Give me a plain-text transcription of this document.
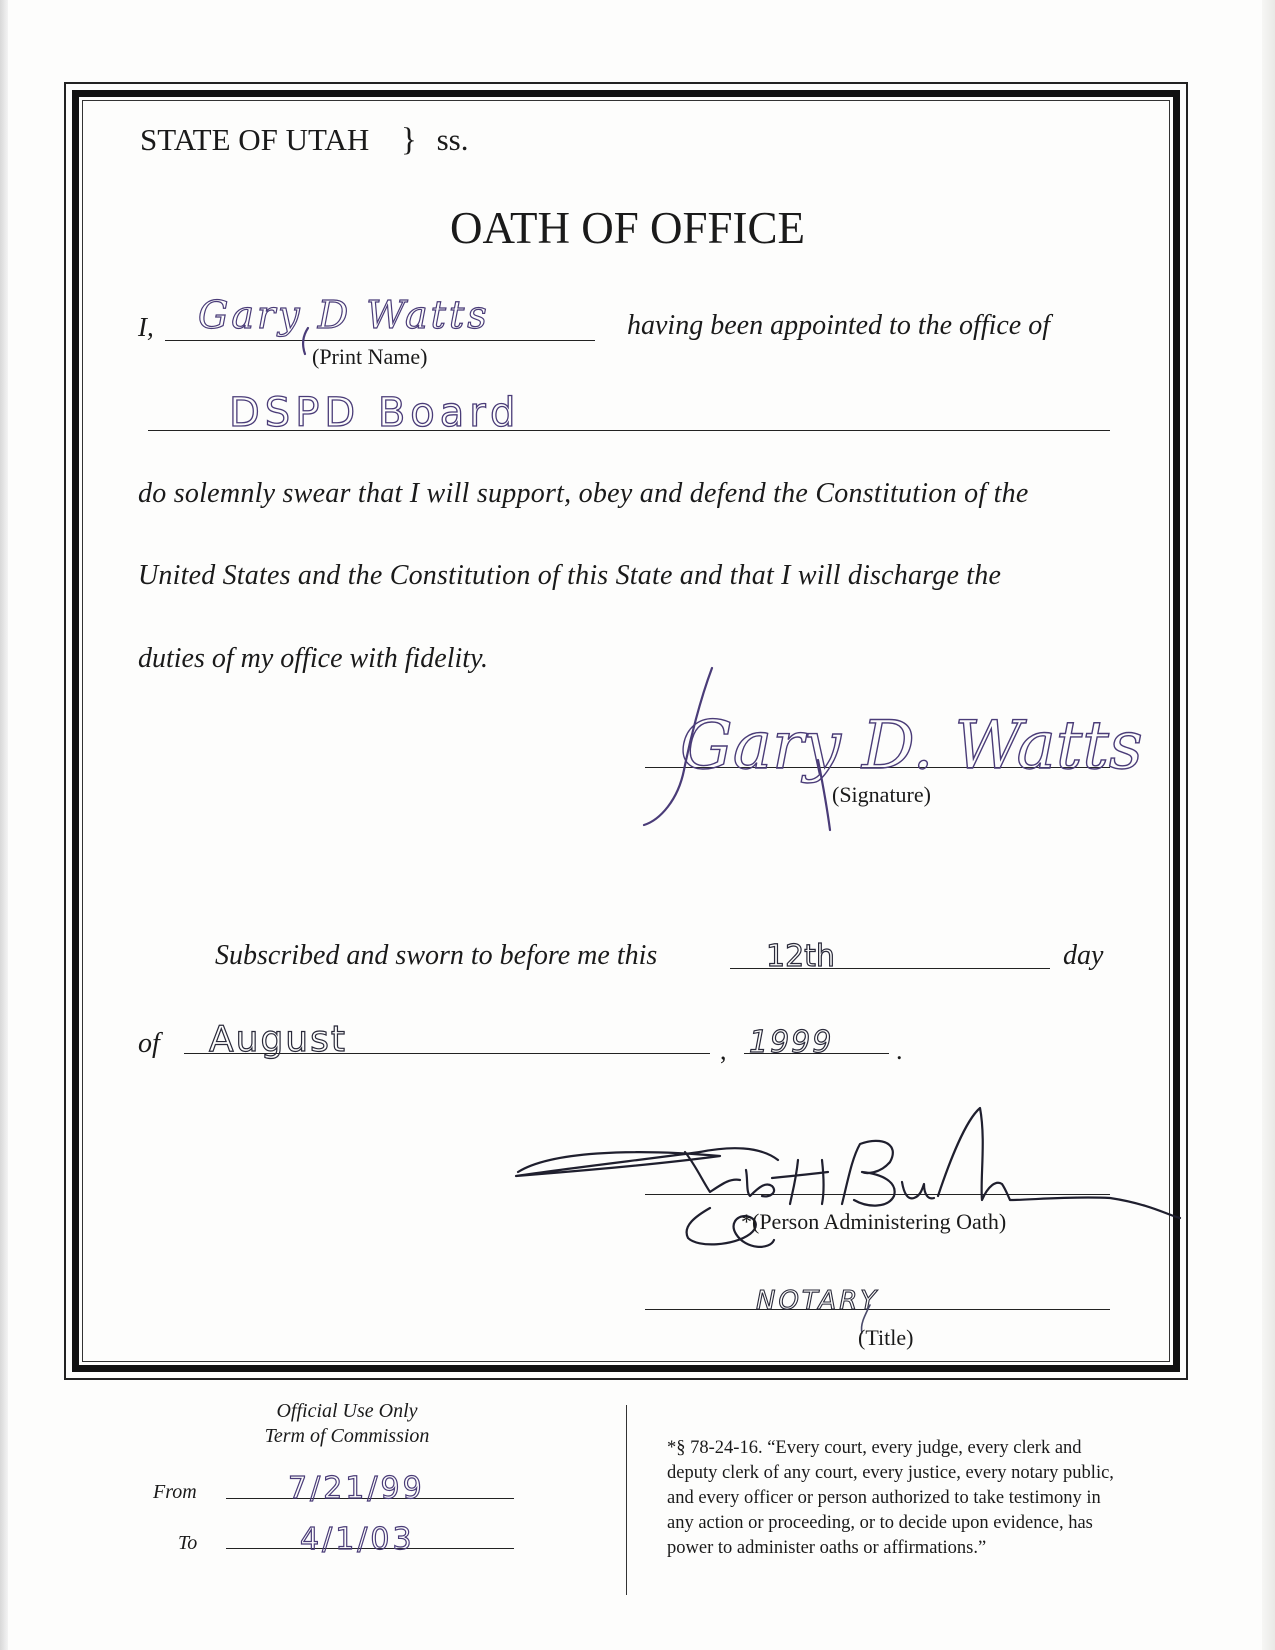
STATE OF UTAH } ss.
OATH OF OFFICE
I, Gary D Watts
(Print Name)
having been appointed to the office of
DSPD Board
do solemnly swear that I will support, obey and defend the Constitution of the
United States and the Constitution of this State and that I will discharge the
duties of my office with fidelity.
Gary D. Watts
(Signature)
Subscribed and sworn to before me this	12th	day
of August	, 1999 .
*(Person Administering Oath)
NOTARY
(Title)
Official Use Only
Term of Commission
From	7/21/99
To	4/1/03
*§ 78-24-16. “Every court, every judge, every clerk and
deputy clerk of any court, every justice, every notary public,
and every officer or person authorized to take testimony in
any action or proceeding, or to decide upon evidence, has
power to administer oaths or affirmations.”
